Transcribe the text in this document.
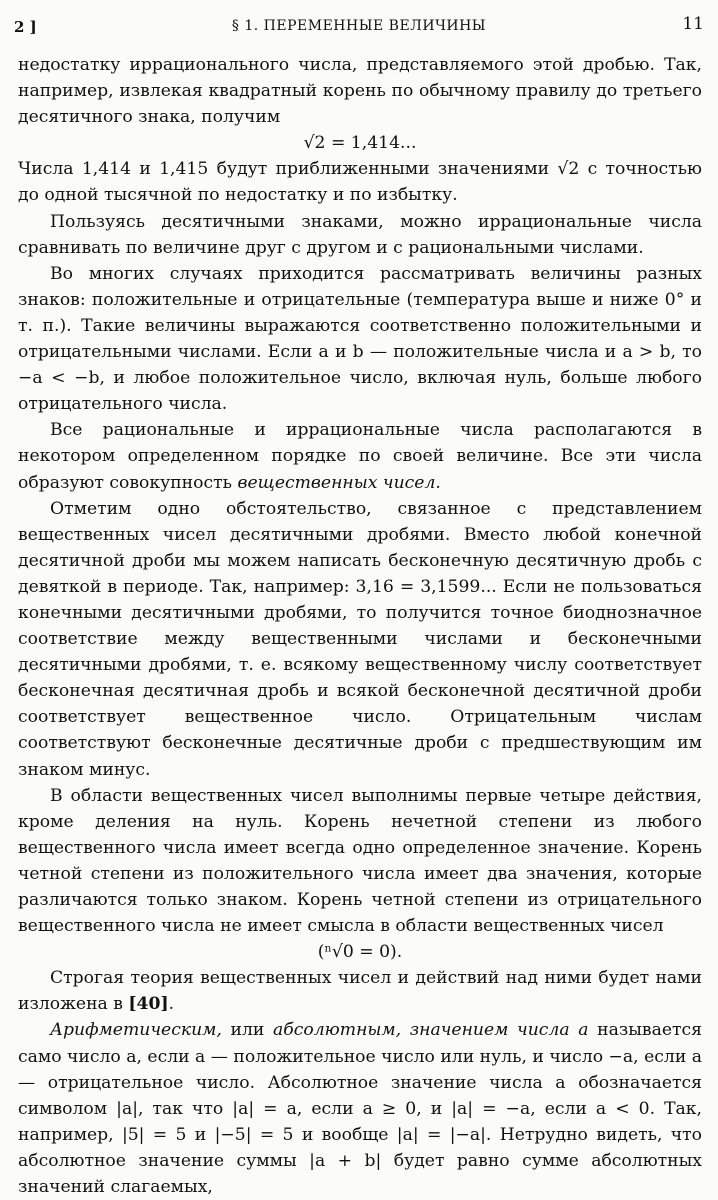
2 ]	§ 1. ПЕРЕМЕННЫЕ ВЕЛИЧИНЫ	11

недостатку иррационального числа, представляемого этой дробью. Так, например, извлекая квадратный корень по обычному правилу до третьего десятичного знака, получим

√2 = 1,414...

Числа 1,414 и 1,415 будут приближенными значениями √2 с точностью до одной тысячной по недостатку и по избытку.

Пользуясь десятичными знаками, можно иррациональные числа сравнивать по величине друг с другом и с рациональными числами.

Во многих случаях приходится рассматривать величины разных знаков: положительные и отрицательные (температура выше и ниже 0° и т. п.). Такие величины выражаются соответственно положительными и отрицательными числами. Если a и b — положительные числа и a > b, то −a < −b, и любое положительное число, включая нуль, больше любого отрицательного числа.

Все рациональные и иррациональные числа располагаются в некотором определенном порядке по своей величине. Все эти числа образуют совокупность вещественных чисел.

Отметим одно обстоятельство, связанное с представлением вещественных чисел десятичными дробями. Вместо любой конечной десятичной дроби мы можем написать бесконечную десятичную дробь с девяткой в периоде. Так, например: 3,16 = 3,1599... Если не пользоваться конечными десятичными дробями, то получится точное биоднозначное соответствие между вещественными числами и бесконечными десятичными дробями, т. е. всякому вещественному числу соответствует бесконечная десятичная дробь и всякой бесконечной десятичной дроби соответствует вещественное число. Отрицательным числам соответствуют бесконечные десятичные дроби с предшествующим им знаком минус.

В области вещественных чисел выполнимы первые четыре действия, кроме деления на нуль. Корень нечетной степени из любого вещественного числа имеет всегда одно определенное значение. Корень четной степени из положительного числа имеет два значения, которые различаются только знаком. Корень четной степени из отрицательного вещественного числа не имеет смысла в области вещественных чисел

(ⁿ√0 = 0).

Строгая теория вещественных чисел и действий над ними будет нами изложена в [40].

Арифметическим, или абсолютным, значением числа a называется само число a, если a — положительное число или нуль, и число −a, если a — отрицательное число. Абсолютное значение числа a обозначается символом |a|, так что |a| = a, если a ≥ 0, и |a| = −a, если a < 0. Так, например, |5| = 5 и |−5| = 5 и вообще |a| = |−a|. Нетрудно видеть, что абсолютное значение суммы |a + b| будет равно сумме абсолютных значений слагаемых,
